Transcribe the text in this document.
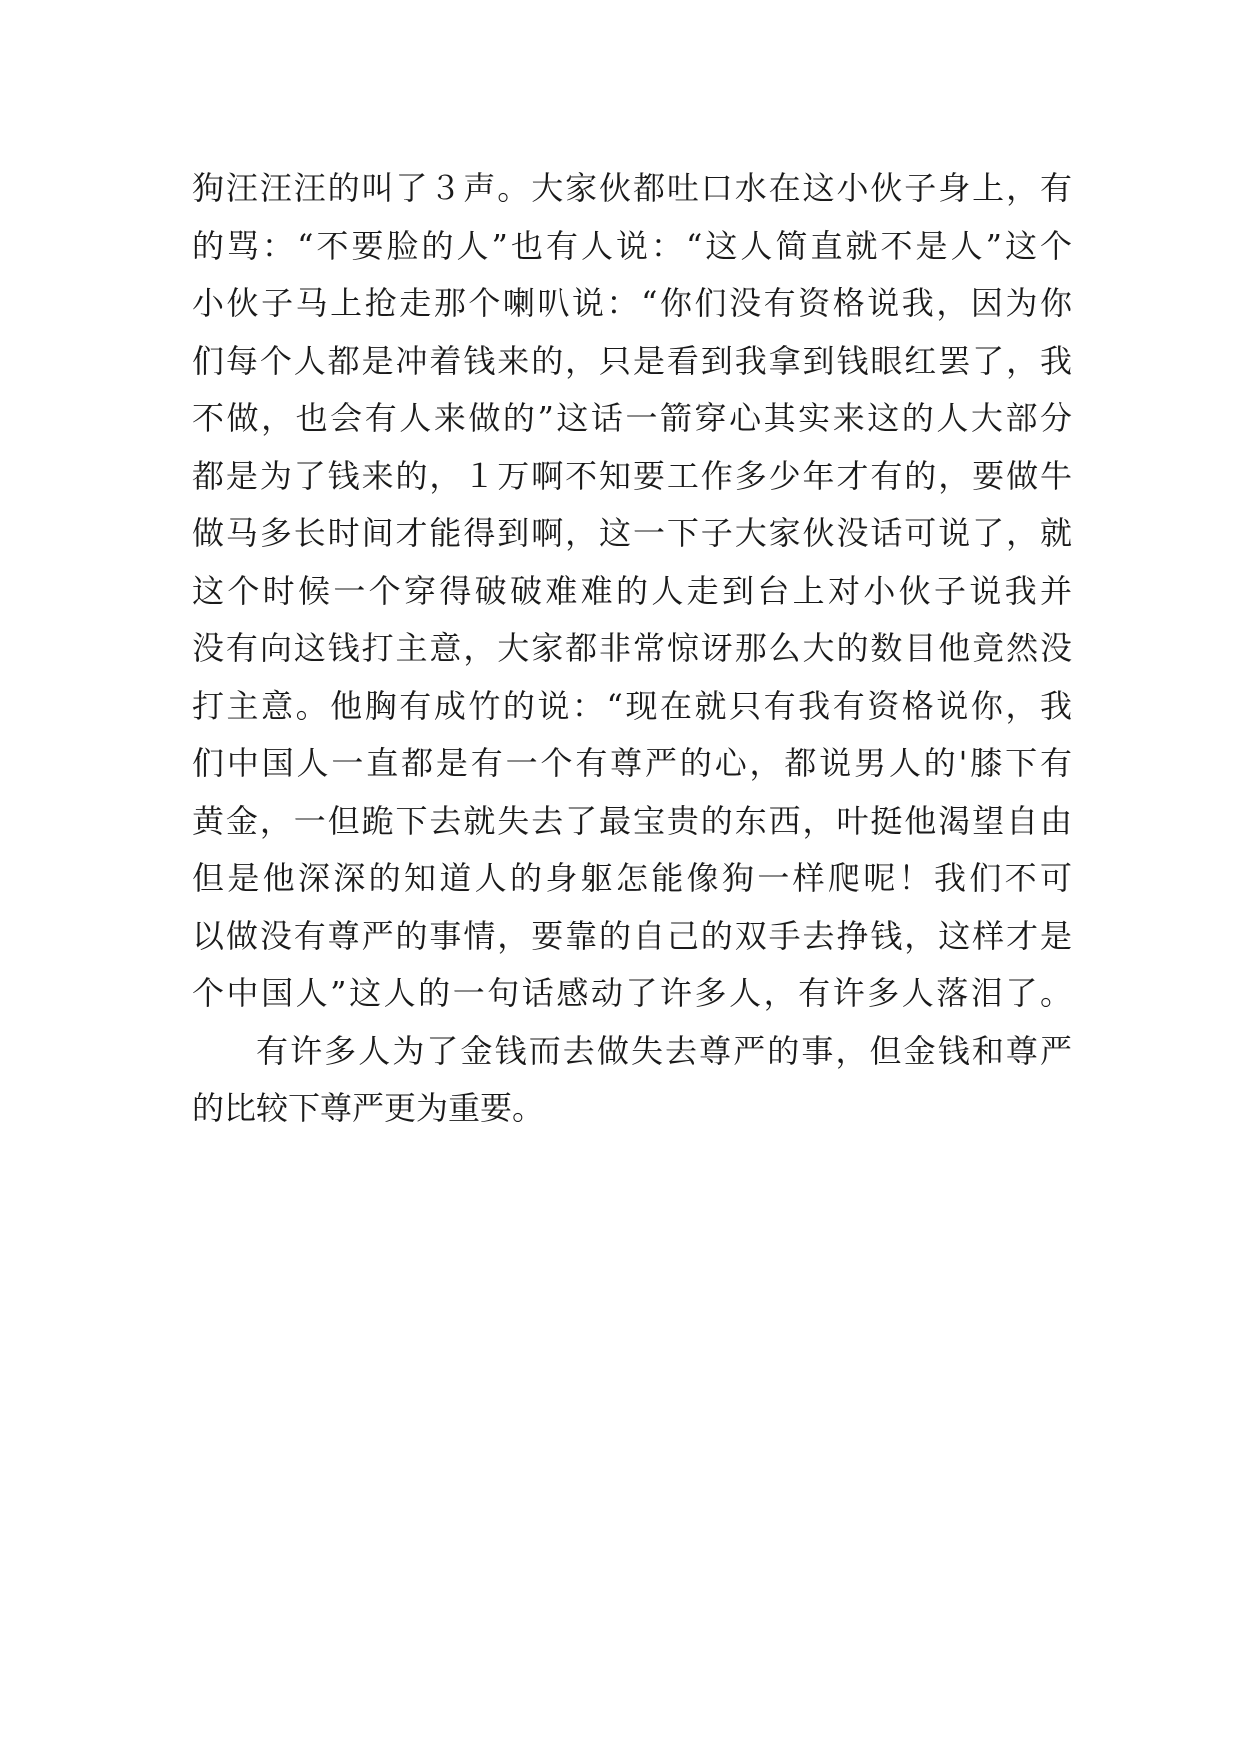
狗汪汪汪的叫了３声。大家伙都吐口水在这小伙子身上，有
的骂：“不要脸的人”也有人说：“这人简直就不是人”这个
小伙子马上抢走那个喇叭说：“你们没有资格说我，因为你
们每个人都是冲着钱来的，只是看到我拿到钱眼红罢了，我
不做，也会有人来做的”这话一箭穿心其实来这的人大部分
都是为了钱来的，１万啊不知要工作多少年才有的，要做牛
做马多长时间才能得到啊，这一下子大家伙没话可说了，就
这个时候一个穿得破破难难的人走到台上对小伙子说我并
没有向这钱打主意，大家都非常惊讶那么大的数目他竟然没
打主意。他胸有成竹的说：“现在就只有我有资格说你，我
们中国人一直都是有一个有尊严的心，都说男人的'膝下有
黄金，一但跪下去就失去了最宝贵的东西，叶挺他渴望自由
但是他深深的知道人的身躯怎能像狗一样爬呢！我们不可
以做没有尊严的事情，要靠的自己的双手去挣钱，这样才是
个中国人”这人的一句话感动了许多人，有许多人落泪了。
有许多人为了金钱而去做失去尊严的事，但金钱和尊严
的比较下尊严更为重要。
